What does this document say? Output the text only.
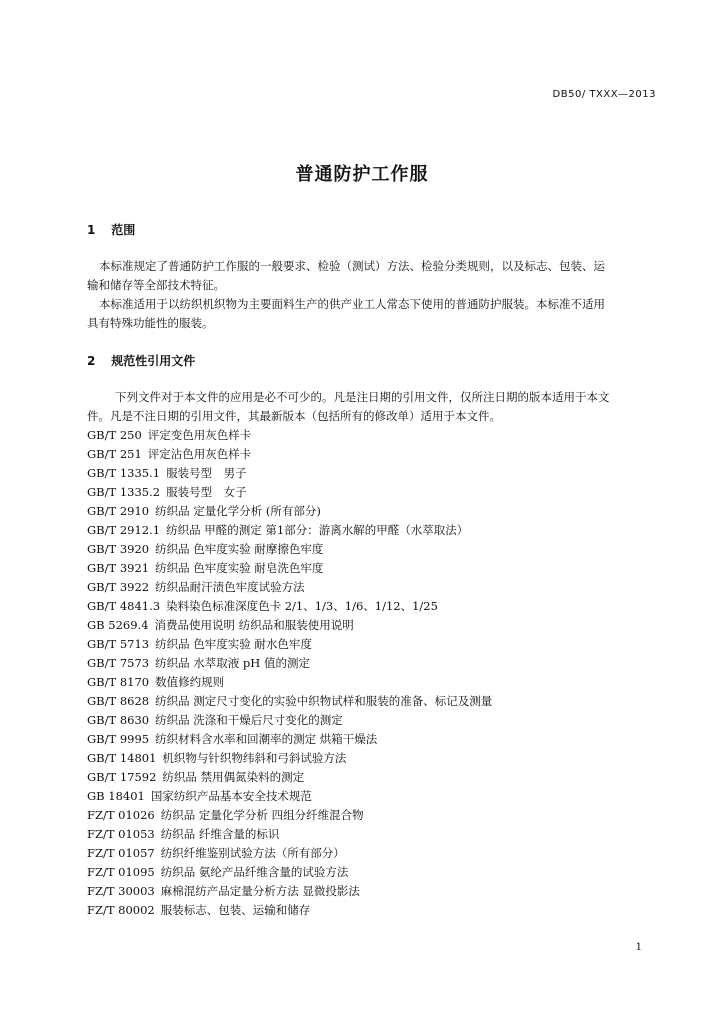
DB50/ TXXX—2013
普通防护工作服
1 范围
本标准规定了普通防护工作服的一般要求、检验（测试）方法、检验分类规则，以及标志、包装、运
输和储存等全部技术特征。
本标准适用于以纺织机织物为主要面料生产的供产业工人常态下使用的普通防护服装。本标准不适用
具有特殊功能性的服装。
2 规范性引用文件
下列文件对于本文件的应用是必不可少的。凡是注日期的引用文件，仅所注日期的版本适用于本文
件。凡是不注日期的引用文件，其最新版本（包括所有的修改单）适用于本文件。
GB/T 250 评定变色用灰色样卡
GB/T 251 评定沾色用灰色样卡
GB/T 1335.1 服装号型　男子
GB/T 1335.2 服装号型　女子
GB/T 2910 纺织品 定量化学分析 (所有部分)
GB/T 2912.1 纺织品 甲醛的测定 第1部分：游离水解的甲醛（水萃取法）
GB/T 3920 纺织品 色牢度实验 耐摩擦色牢度
GB/T 3921 纺织品 色牢度实验 耐皂洗色牢度
GB/T 3922 纺织品耐汗渍色牢度试验方法
GB/T 4841.3 染料染色标准深度色卡 2/1、1/3、1/6、1/12、1/25
GB 5269.4 消费品使用说明 纺织品和服装使用说明
GB/T 5713 纺织品 色牢度实验 耐水色牢度
GB/T 7573 纺织品 水萃取液 pH 值的测定
GB/T 8170 数值修约规则
GB/T 8628 纺织品 测定尺寸变化的实验中织物试样和服装的准备、标记及测量
GB/T 8630 纺织品 洗涤和干燥后尺寸变化的测定
GB/T 9995 纺织材料含水率和回潮率的测定 烘箱干燥法
GB/T 14801 机织物与针织物纬斜和弓斜试验方法
GB/T 17592 纺织品 禁用偶氮染料的测定
GB 18401 国家纺织产品基本安全技术规范
FZ/T 01026 纺织品 定量化学分析 四组分纤维混合物
FZ/T 01053 纺织品 纤维含量的标识
FZ/T 01057 纺织纤维鉴别试验方法（所有部分）
FZ/T 01095 纺织品 氨纶产品纤维含量的试验方法
FZ/T 30003 麻棉混纺产品定量分析方法 显微投影法
FZ/T 80002 服装标志、包装、运输和储存
1
